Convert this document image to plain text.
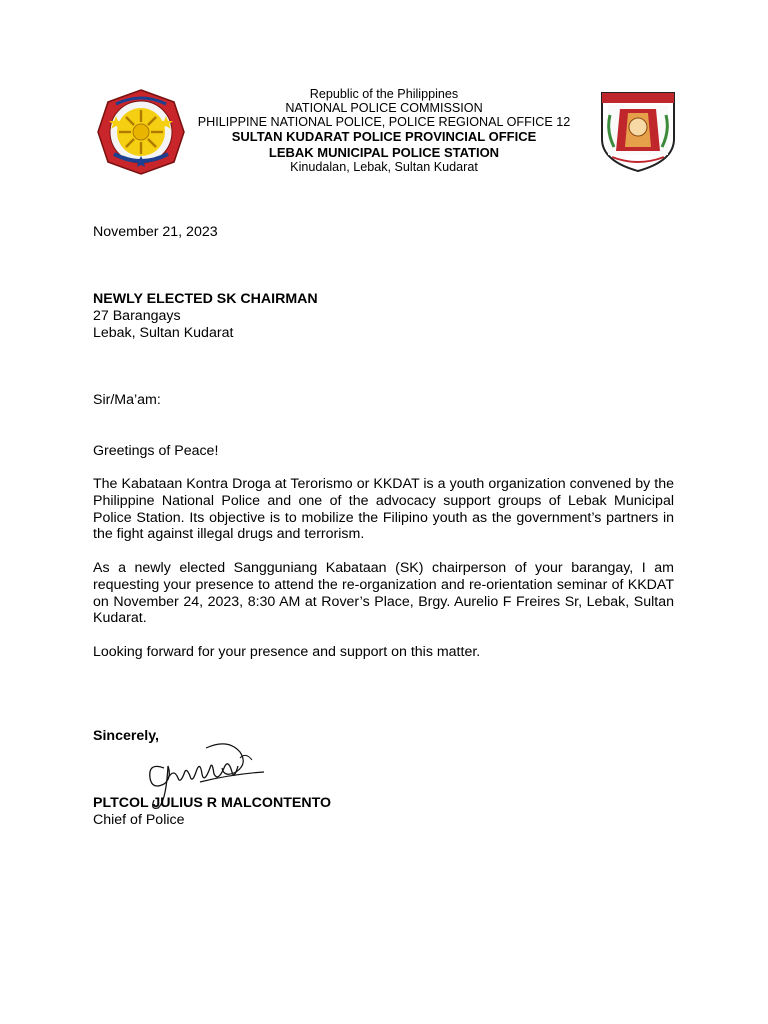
Republic of the Philippines
NATIONAL POLICE COMMISSION
PHILIPPINE NATIONAL POLICE, POLICE REGIONAL OFFICE 12
SULTAN KUDARAT POLICE PROVINCIAL OFFICE
LEBAK MUNICIPAL POLICE STATION
Kinudalan, Lebak, Sultan Kudarat
November 21, 2023
NEWLY ELECTED SK CHAIRMAN
27 Barangays
Lebak, Sultan Kudarat
Sir/Ma’am:
Greetings of Peace!
The Kabataan Kontra Droga at Terorismo or KKDAT is a youth organization convened by the Philippine National Police and one of the advocacy support groups of Lebak Municipal Police Station. Its objective is to mobilize the Filipino youth as the government’s partners in the fight against illegal drugs and terrorism.
As a newly elected Sangguniang Kabataan (SK) chairperson of your barangay, I am requesting your presence to attend the re-organization and re-orientation seminar of KKDAT on November 24, 2023, 8:30 AM at Rover’s Place, Brgy. Aurelio F Freires Sr, Lebak, Sultan Kudarat.
Looking forward for your presence and support on this matter.
Sincerely,
PLTCOL JULIUS R MALCONTENTO
Chief of Police
